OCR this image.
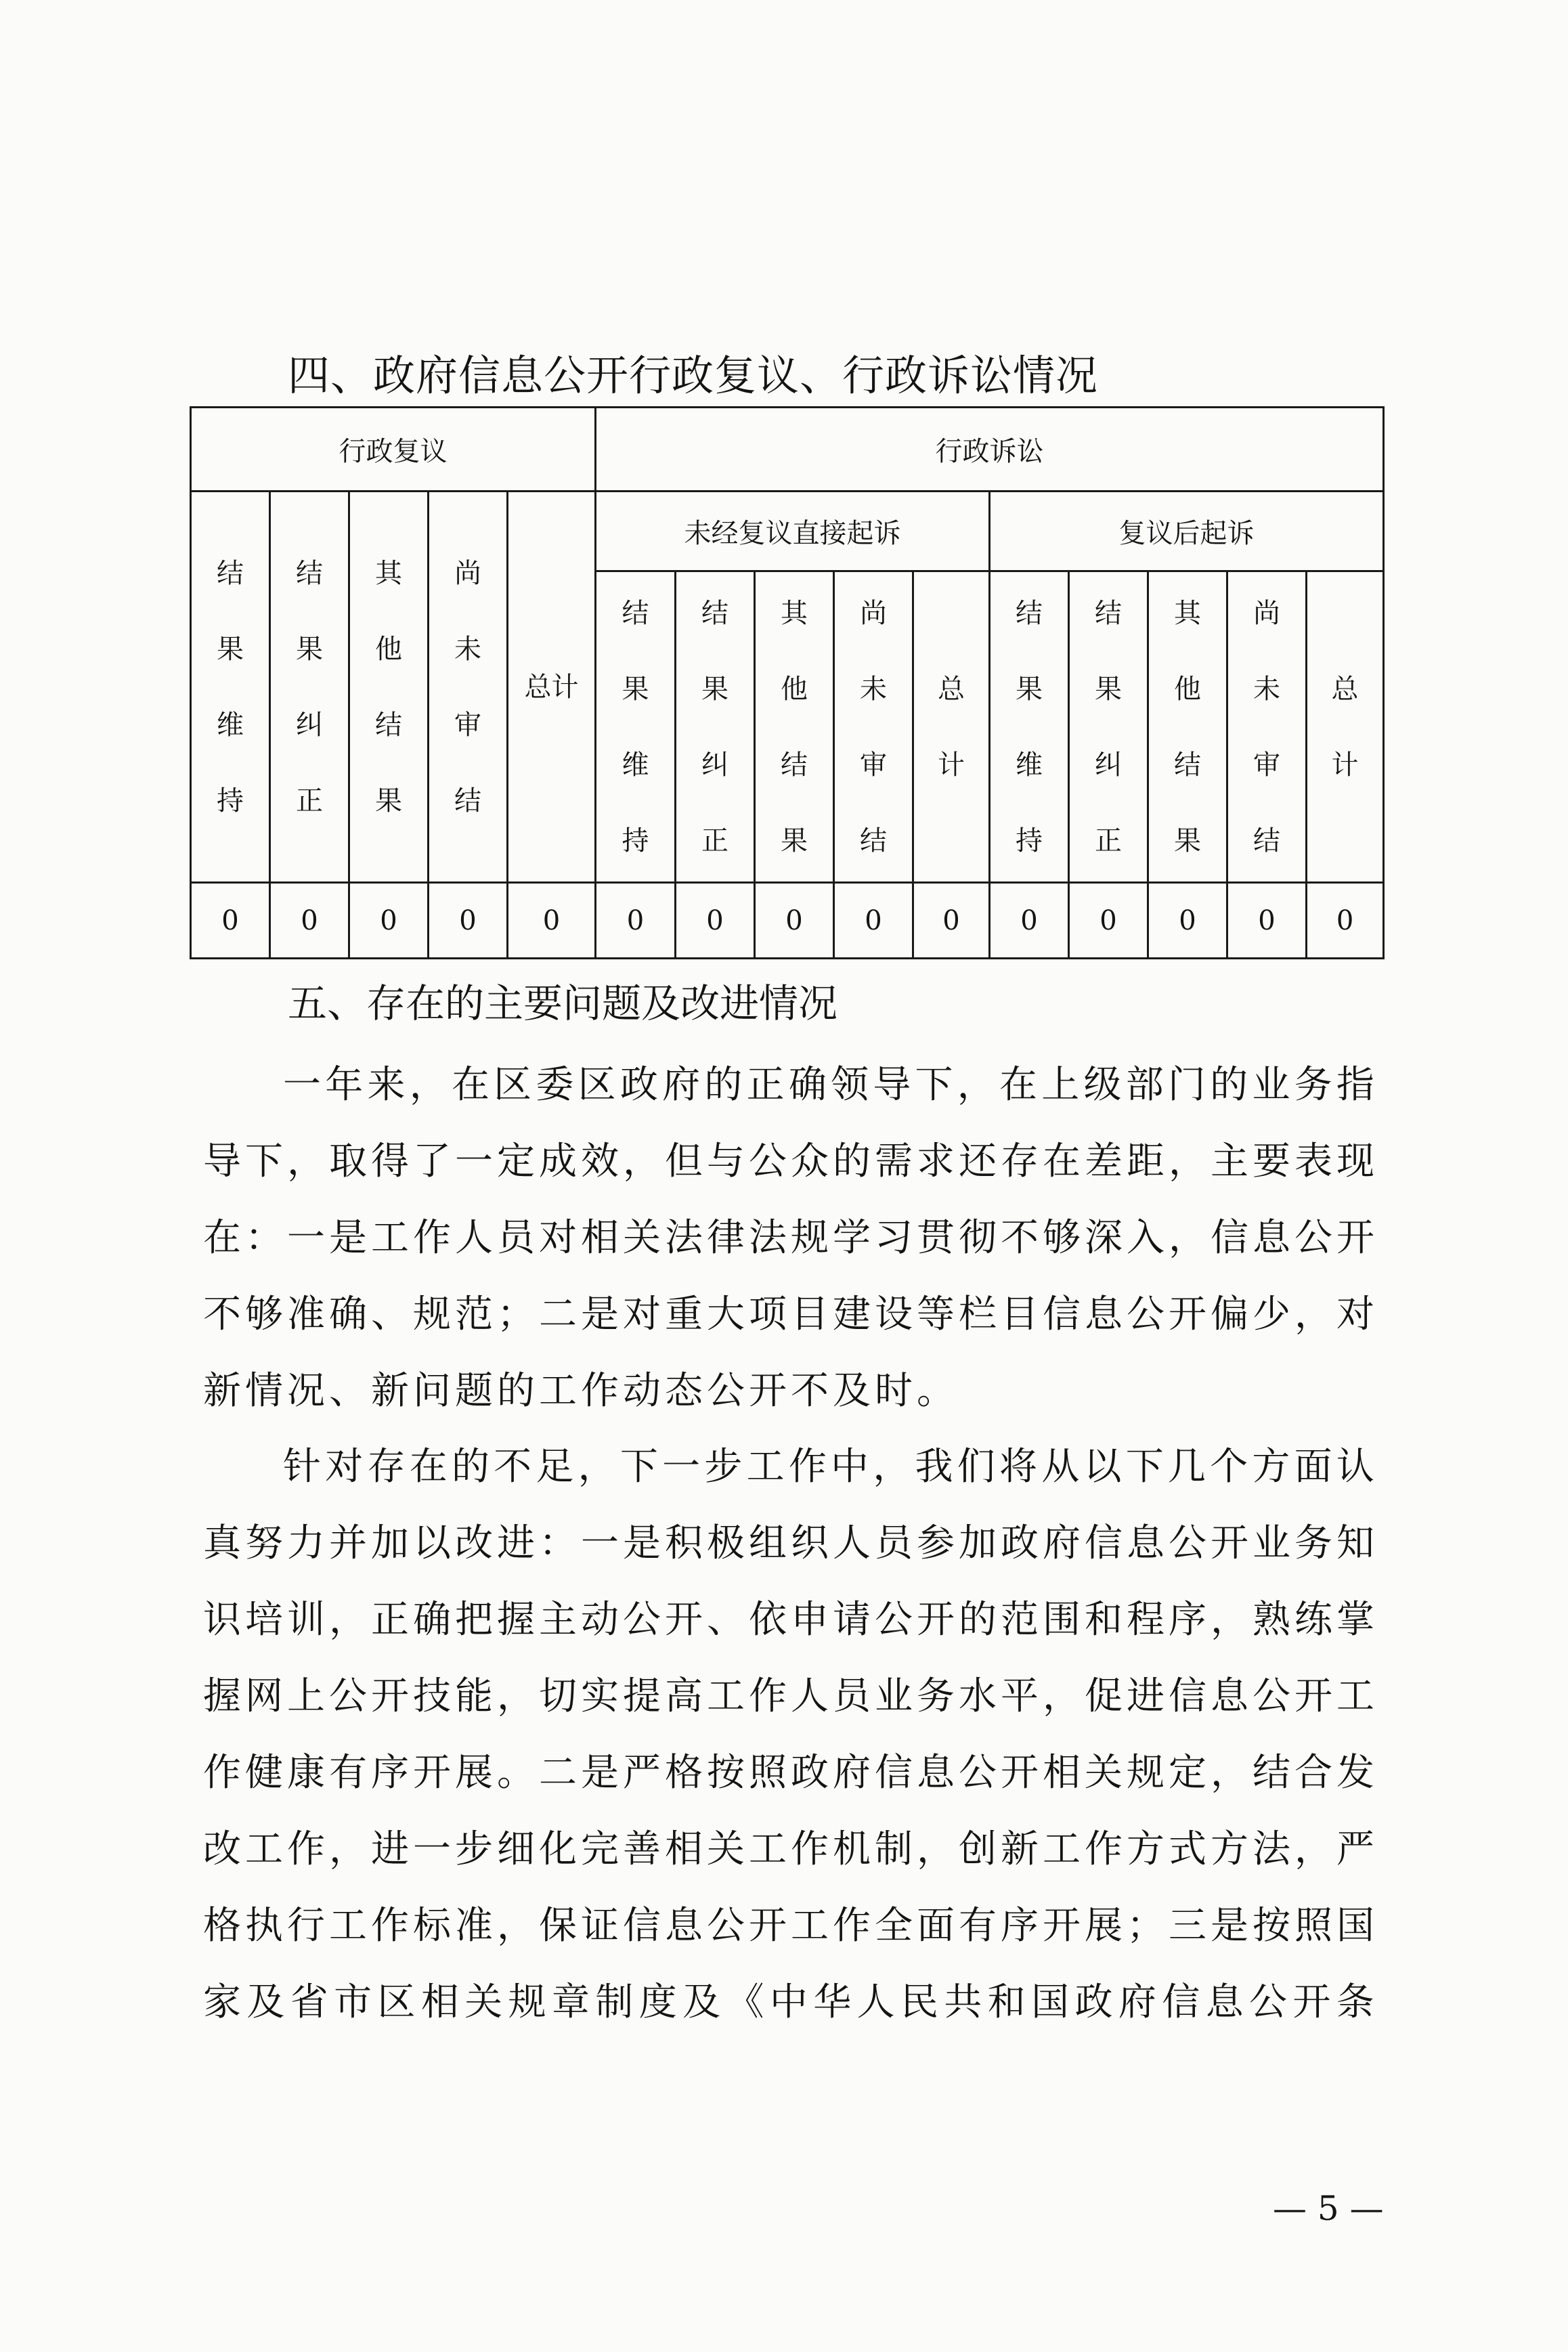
四、政府信息公开行政复议、行政诉讼情况
行政复议					行政诉讼									
结果维持	结果纠正	其他结果	尚未审结	总计	未经复议直接起诉					复议后起诉				
					结果维持	结果纠正	其他结果	尚未审结	总计	结果维持	结果纠正	其他结果	尚未审结	总计
0	0	0	0	0	0	0	0	0	0	0	0	0	0	0
五、存在的主要问题及改进情况
一 年 来 ， 在 区 委 区 政 府 的 正 确 领 导 下 ， 在 上 级 部 门 的 业 务 指
导 下 ， 取 得 了 一 定 成 效 ， 但 与 公 众 的 需 求 还 存 在 差 距 ， 主 要 表 现
在 ： 一 是 工 作 人 员 对 相 关 法 律 法 规 学 习 贯 彻 不 够 深 入 ， 信 息 公 开
不 够 准 确 、 规 范 ； 二 是 对 重 大 项 目 建 设 等 栏 目 信 息 公 开 偏 少 ， 对
新情况、新问题的工作动态公开不及时。
针 对 存 在 的 不 足 ， 下 一 步 工 作 中 ， 我 们 将 从 以 下 几 个 方 面 认
真 努 力 并 加 以 改 进 ： 一 是 积 极 组 织 人 员 参 加 政 府 信 息 公 开 业 务 知
识 培 训 ， 正 确 把 握 主 动 公 开 、 依 申 请 公 开 的 范 围 和 程 序 ， 熟 练 掌
握 网 上 公 开 技 能 ， 切 实 提 高 工 作 人 员 业 务 水 平 ， 促 进 信 息 公 开 工
作 健 康 有 序 开 展 。 二 是 严 格 按 照 政 府 信 息 公 开 相 关 规 定 ， 结 合 发
改 工 作 ， 进 一 步 细 化 完 善 相 关 工 作 机 制 ， 创 新 工 作 方 式 方 法 ， 严
格 执 行 工 作 标 准 ， 保 证 信 息 公 开 工 作 全 面 有 序 开 展 ； 三 是 按 照 国
家 及 省 市 区 相 关 规 章 制 度 及 《 中 华 人 民 共 和 国 政 府 信 息 公 开 条
— 5 —
